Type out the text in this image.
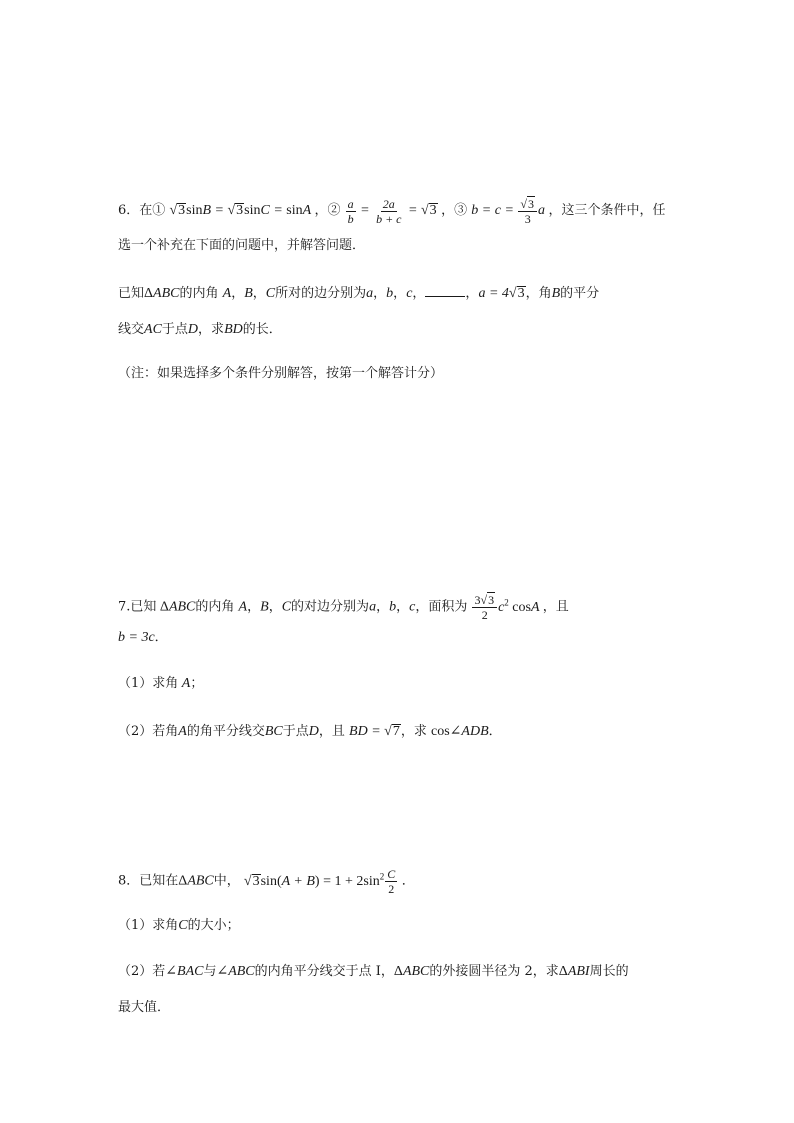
6．在① √3sinB = √3sinC = sinA ，② $\frac{a}{b} = \frac{2a}{b + c} = √3$ ，③ $b = c = \frac{√3}{3}$ a ，这三个条件中，任
选一个补充在下面的问题中，并解答问题．
已知ΔABC的内角 A，B，C所对的边分别为a，b，c，	，a = 4√3，角B的平分
线交AC于点D，求BD的长．
（注：如果选择多个条件分别解答，按第一个解答计分）
7.已知 ΔABC的内角 A，B，C的对边分别为a，b，c，面积为 $\frac{3√3}{2} c^2$ cosA ，且
b = 3c．
（1）求角 A；
（2）若角A的角平分线交BC于点D，且 BD = √7，求 cos∠ADB．
8．已知在ΔABC中， $√3\sin(A + B) = 1 + 2\sin^2 \frac{C}{2}$ ．
（1）求角C的大小；
（2）若∠BAC与∠ABC的内角平分线交于点 I，ΔABC的外接圆半径为 2，求ΔABI周长的
最大值．
